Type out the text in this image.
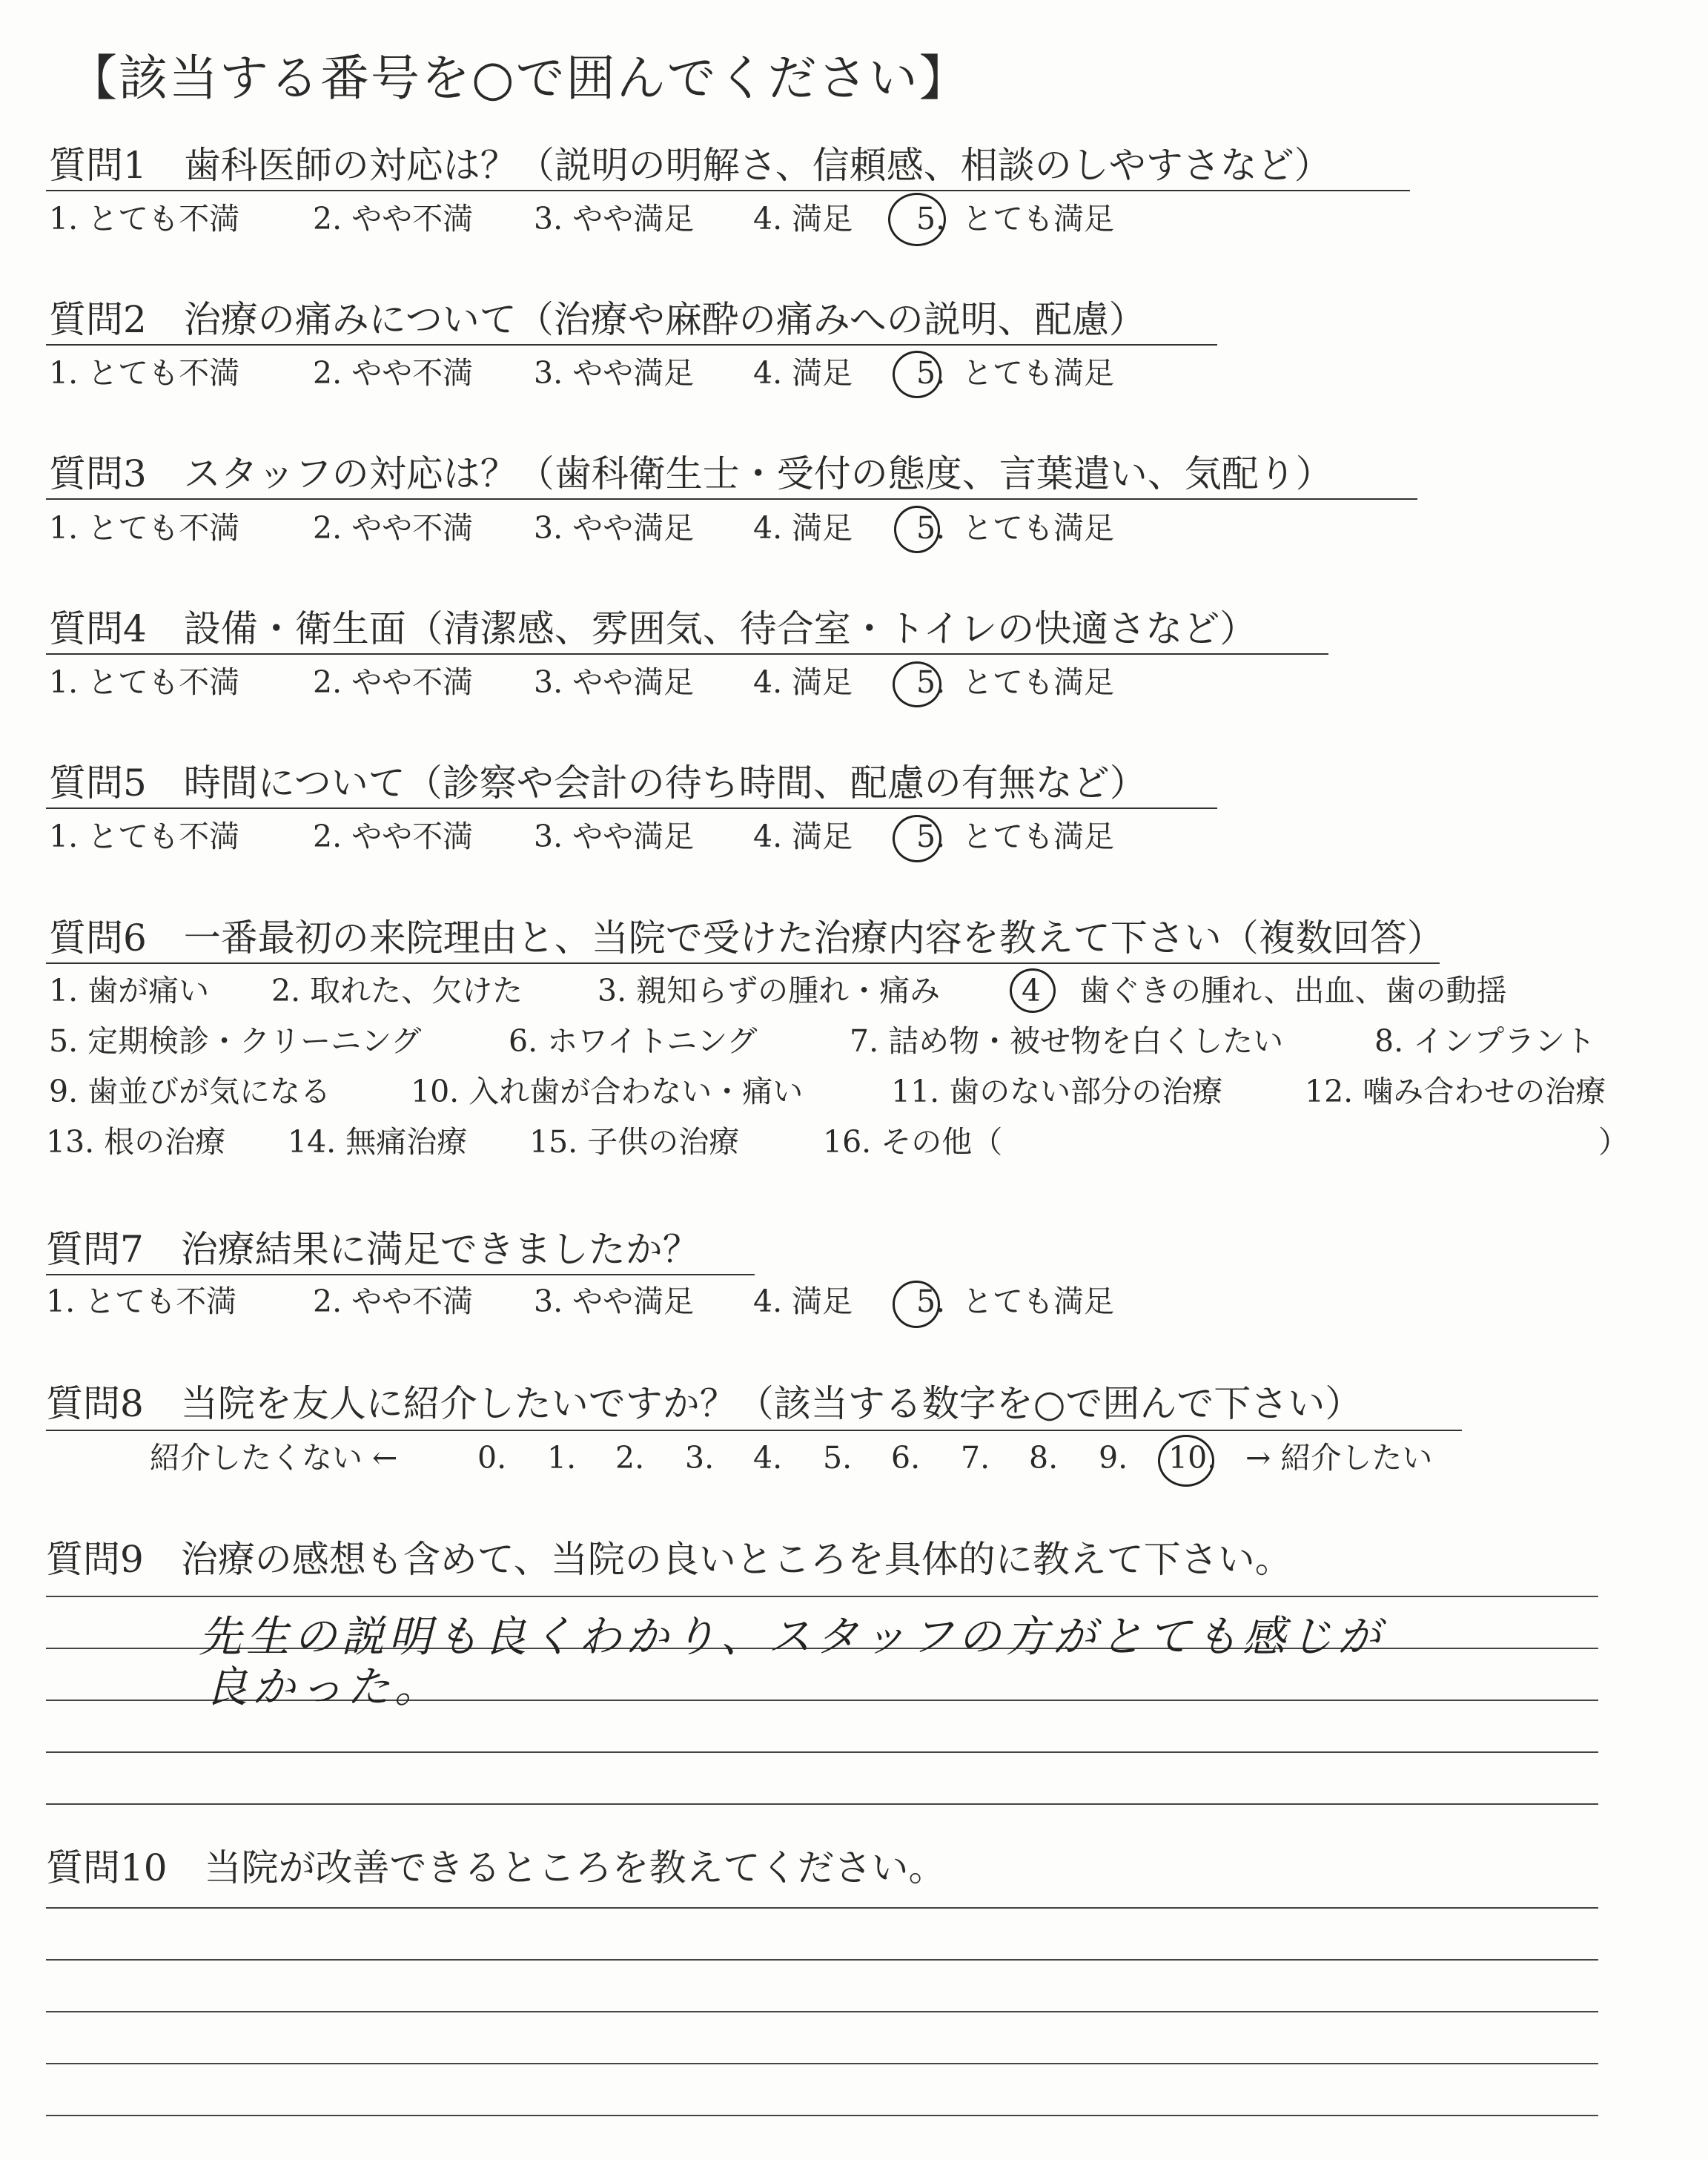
【該当する番号を○で囲んでください】
質問1 歯科医師の対応は？（説明の明解さ、信頼感、相談のしやすさなど）
1. とても不満 2. やや不満 3. やや満足 4. 満足 5. とても満足
質問2 治療の痛みについて（治療や麻酔の痛みへの説明、配慮）
1. とても不満 2. やや不満 3. やや満足 4. 満足 5. とても満足
質問3 スタッフの対応は？（歯科衛生士・受付の態度、言葉遣い、気配り）
1. とても不満 2. やや不満 3. やや満足 4. 満足 5. とても満足
質問4 設備・衛生面（清潔感、雰囲気、待合室・トイレの快適さなど）
1. とても不満 2. やや不満 3. やや満足 4. 満足 5. とても満足
質問5 時間について（診察や会計の待ち時間、配慮の有無など）
1. とても不満 2. やや不満 3. やや満足 4. 満足 5. とても満足
質問6 一番最初の来院理由と、当院で受けた治療内容を教えて下さい（複数回答）
1. 歯が痛い 2. 取れた、欠けた 3. 親知らずの腫れ・痛み	4 歯ぐきの腫れ、出血、歯の動揺
5. 定期検診・クリーニング	6. ホワイトニング	7. 詰め物・被せ物を白くしたい	8. インプラント
9. 歯並びが気になる	10. 入れ歯が合わない・痛い	11. 歯のない部分の治療	12. 噛み合わせの治療
13. 根の治療 14. 無痛治療 15. 子供の治療	16. その他（	）
質問7 治療結果に満足できましたか？
1. とても不満	2. やや不満 3. やや満足 4. 満足 5. とても満足
質問8 当院を友人に紹介したいですか？（該当する数字を○で囲んで下さい）
紹介したくない ←	0. 1. 2. 3. 4. 5. 6. 7. 8. 9. 10. → 紹介したい
質問9 治療の感想も含めて、当院の良いところを具体的に教えて下さい。
先生の説明も良くわかり、スタッフの方がとても感じが
良かった。
質問10 当院が改善できるところを教えてください。
